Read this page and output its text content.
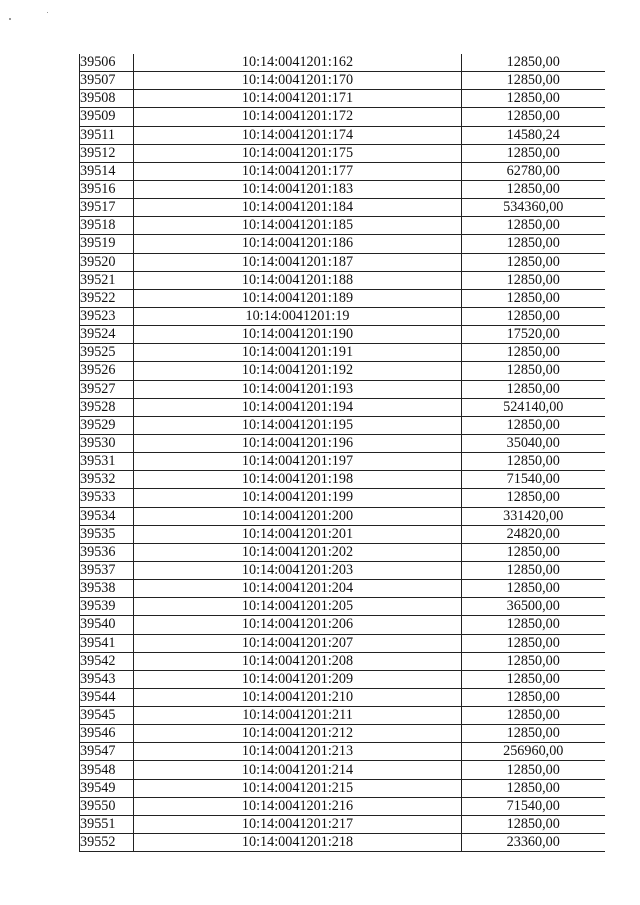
39506	10:14:0041201:162	12850,00
39507	10:14:0041201:170	12850,00
39508	10:14:0041201:171	12850,00
39509	10:14:0041201:172	12850,00
39511	10:14:0041201:174	14580,24
39512	10:14:0041201:175	12850,00
39514	10:14:0041201:177	62780,00
39516	10:14:0041201:183	12850,00
39517	10:14:0041201:184	534360,00
39518	10:14:0041201:185	12850,00
39519	10:14:0041201:186	12850,00
39520	10:14:0041201:187	12850,00
39521	10:14:0041201:188	12850,00
39522	10:14:0041201:189	12850,00
39523	10:14:0041201:19	12850,00
39524	10:14:0041201:190	17520,00
39525	10:14:0041201:191	12850,00
39526	10:14:0041201:192	12850,00
39527	10:14:0041201:193	12850,00
39528	10:14:0041201:194	524140,00
39529	10:14:0041201:195	12850,00
39530	10:14:0041201:196	35040,00
39531	10:14:0041201:197	12850,00
39532	10:14:0041201:198	71540,00
39533	10:14:0041201:199	12850,00
39534	10:14:0041201:200	331420,00
39535	10:14:0041201:201	24820,00
39536	10:14:0041201:202	12850,00
39537	10:14:0041201:203	12850,00
39538	10:14:0041201:204	12850,00
39539	10:14:0041201:205	36500,00
39540	10:14:0041201:206	12850,00
39541	10:14:0041201:207	12850,00
39542	10:14:0041201:208	12850,00
39543	10:14:0041201:209	12850,00
39544	10:14:0041201:210	12850,00
39545	10:14:0041201:211	12850,00
39546	10:14:0041201:212	12850,00
39547	10:14:0041201:213	256960,00
39548	10:14:0041201:214	12850,00
39549	10:14:0041201:215	12850,00
39550	10:14:0041201:216	71540,00
39551	10:14:0041201:217	12850,00
39552	10:14:0041201:218	23360,00
